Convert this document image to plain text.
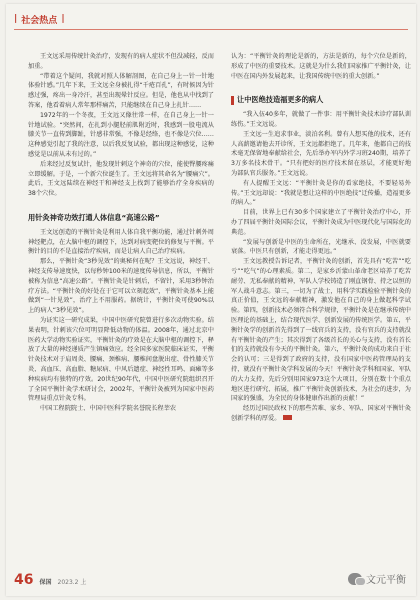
| 社会热点 |

王文远采用传统针灸治疗，发现有的病人症状不但没减轻，反而加重。

“带着这个疑问，我就对照人体解剖图，在自己身上一针一针地体验针感。”几年下来，王文远全身被扎得“千疮百孔”，有时候因为针感过强，疼出一身冷汗，甚至出现晕针反应。但是，他也从中找到了答案，他看着病人常年那样痛苦，只能继续在自己身上扎针……

1972年的一个冬夜，王文远又像往常一样，在自己身上一针一针地试验。“突然间，在扎到小腿胫前肌附近时，我感到一股电流从膝关节一直传到脚趾，针感非常强，不像是经络，也不像是穴位……这种感觉引起了我的注意，以后我反复试验，都出现这种感觉，这种感觉是以前从未有过的。”

后来经过反复试针，他发现针刺这个神奇的穴位，能使臀腰疼痛立即缓解。于是，一个新穴位诞生了。王文远将其命名为“腰痛穴”。此后，王文远陆续在神经干和神经支上找到了能够治疗全身疾病的38个穴位。

用针灸神奇功效打通人体信息“高速公路”

王文远创造的平衡针灸是利用人体自我平衡功能，通过针刺外周神经靶点，在大脑中枢的调控下，达到对病变靶位的修复与平衡。平衡针的目的不是直接治疗疾病，而是让病人自己治疗疾病。

那么，平衡针灸“3秒见效”的奥秘何在呢？王文远说，神经干、神经支传导速度快，以每秒钟100米的速度传导信息，所以，平衡针被称为信息“高速公路”。平衡针灸是针刺后，不留针，采用3秒钟治疗方法。“平衡针灸的好处在于它可以立刻起效”，平衡针灸基本上能做到“一针见效”，治疗上不用服药。据统计，平衡针灸可使90%以上的病人“3秒见效”。

为证实这一研究成果，中国中医研究院曾进行多次动物实验。结果表明，针刺该穴位可明显降低动物的体温。2008年，通过北京中医药大学动物实验证实，平衡针灸的疗效是在大脑中枢的调控下，释放了大量的神经递质产生镇痛效应。经全国多家医院临床证实，平衡针灸技术对于肩周炎、腰痛、颈椎病、腰椎间盘脱出症、骨性膝关节炎、高血压、高血脂、糖尿病、中风后遗症、神经性耳鸣、面瘫等多种疾病均有独特的疗效。20世纪90年代，中国中医研究院组织召开了全国平衡针灸学术研讨会，2002年，平衡针灸被列为国家中医药管理局重点针灸专科。

中国工程院院士、中国中医科学院名誉院长程莘农

认为：“平衡针灸的理论是新的，方法是新的，每个穴位是新的，形成了中医的重要技术。这就是为什么我们国家推广平衡针灸，让中医在国内外发展起来，让我国传统中医的重大创新。”

让中医绝技造福更多的病人

“我入伍40多年，就做了一件事：用平衡针灸技术诊疗部队训练伤。”王文远说。

王文远一生追求事业，淡泊名利。曾有人想买他的技术，还有人高薪邀请他去开诊所，王文远都拒绝了。几年来，他都自己的技术毫无保留地奉献给社会，先后举办军内外学习班240期，培养了3万多名技术骨干。“只有把好的医疗技术留在基层，才能更好地为部队官兵服务。”王文远说。

有人提醒王文远：“平衡针灸是你的看家绝技，不要轻易外传。”王文远却说：“我就是想让这样的中医绝技”迁传播，造福更多的病人。”

目前，世界上已有30多个国家建立了平衡针灸治疗中心，开办了四届平衡针灸国际会议，平衡针灸成为中医现代化与国际化的典范。

“发展与创新是中医的生命所在，光继承、没发展，中医就要衰落。中医只有创新，才能走得更远。”

王文远教授告诉记者，平衡针灸的创新，首先具有“吃苦”“吃亏”“吃气”的心理素质。第二，是家乡沂蒙山革命老区培养了吃苦耐劳、无私奉献的精神，军队人学校铸造了刚直钢骨、持之以恒的军人战斗意志。第三，一切为了战士，用科学实践检验平衡针灸的真正价值，王文远的奉献精神，激发他在自己的身上做起科学试验。第四，创新技术必须符合科学规律，平衡针灸是在继承传统中医理论的基础上，结合现代医学、创新发展的传统医学。第五，平衡针灸学的创新首先得到了一线官兵的支持，没有官兵的支持就没有平衡针灸的产生；其次得到了各级首长的关心与支持，没有首长们的支持就没有今天的平衡针灸。第六，平衡针灸的成功来自于社会的认可；三是得到了政府的支持，没有国家中医药管理局的支持，就没有平衡针灸学科发展的今天！平衡针灸学科和国家、军队的大力支持，先后分别用国家973这个大项目，分别在数十个重点地区进行研究、拓展，推广平衡针灸创新技术，为社会的进步，为国家的强盛，为全民的身体健康作出新的贡献！”

经历过国民政权下的那些苦难、家乡、军队、国家对平衡针灸创新学科的厚爱。

46 保国 2023.2 上	文元平衡
